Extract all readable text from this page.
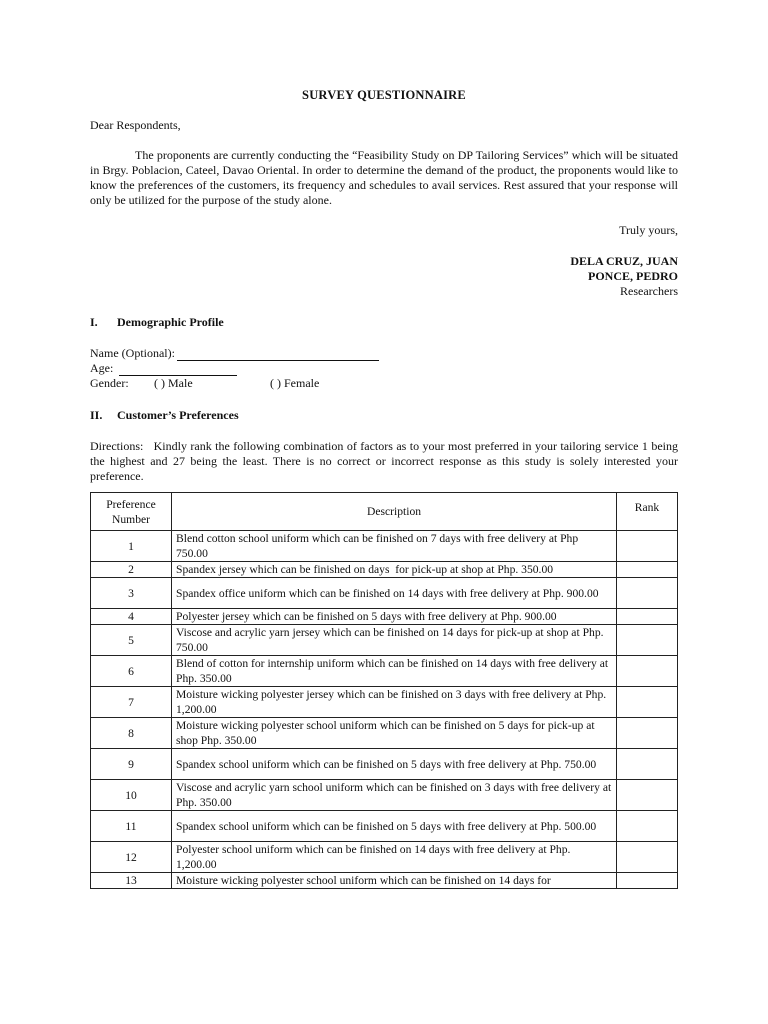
SURVEY QUESTIONNAIRE
Dear Respondents,
The proponents are currently conducting the “Feasibility Study on DP Tailoring Services” which will be situated in Brgy. Poblacion, Cateel, Davao Oriental. In order to determine the demand of the product, the proponents would like to know the preferences of the customers, its frequency and schedules to avail services. Rest assured that your response will only be utilized for the purpose of the study alone.
Truly yours,
DELA CRUZ, JUAN
PONCE, PEDRO
Researchers
I.	Demographic Profile
Name (Optional):
Age:
Gender:	( ) Male	( ) Female
II.	Customer’s Preferences
Directions:   Kindly rank the following combination of factors as to your most preferred in your tailoring service 1 being the highest and 27 being the least. There is no correct or incorrect response as this study is solely interested your preference.
Preference Number	Description	Rank
1	Blend cotton school uniform which can be finished on 7 days with free delivery at Php 750.00	
2	Spandex jersey which can be finished on days  for pick-up at shop at Php. 350.00	
3	Spandex office uniform which can be finished on 14 days with free delivery at Php. 900.00	
4	Polyester jersey which can be finished on 5 days with free delivery at Php. 900.00	
5	Viscose and acrylic yarn jersey which can be finished on 14 days for pick-up at shop at Php. 750.00	
6	Blend of cotton for internship uniform which can be finished on 14 days with free delivery at Php. 350.00	
7	Moisture wicking polyester jersey which can be finished on 3 days with free delivery at Php. 1,200.00	
8	Moisture wicking polyester school uniform which can be finished on 5 days for pick-up at shop Php. 350.00	
9	Spandex school uniform which can be finished on 5 days with free delivery at Php. 750.00	
10	Viscose and acrylic yarn school uniform which can be finished on 3 days with free delivery at Php. 350.00	
11	Spandex school uniform which can be finished on 5 days with free delivery at Php. 500.00	
12	Polyester school uniform which can be finished on 14 days with free delivery at Php. 1,200.00	
13	Moisture wicking polyester school uniform which can be finished on 14 days for	
